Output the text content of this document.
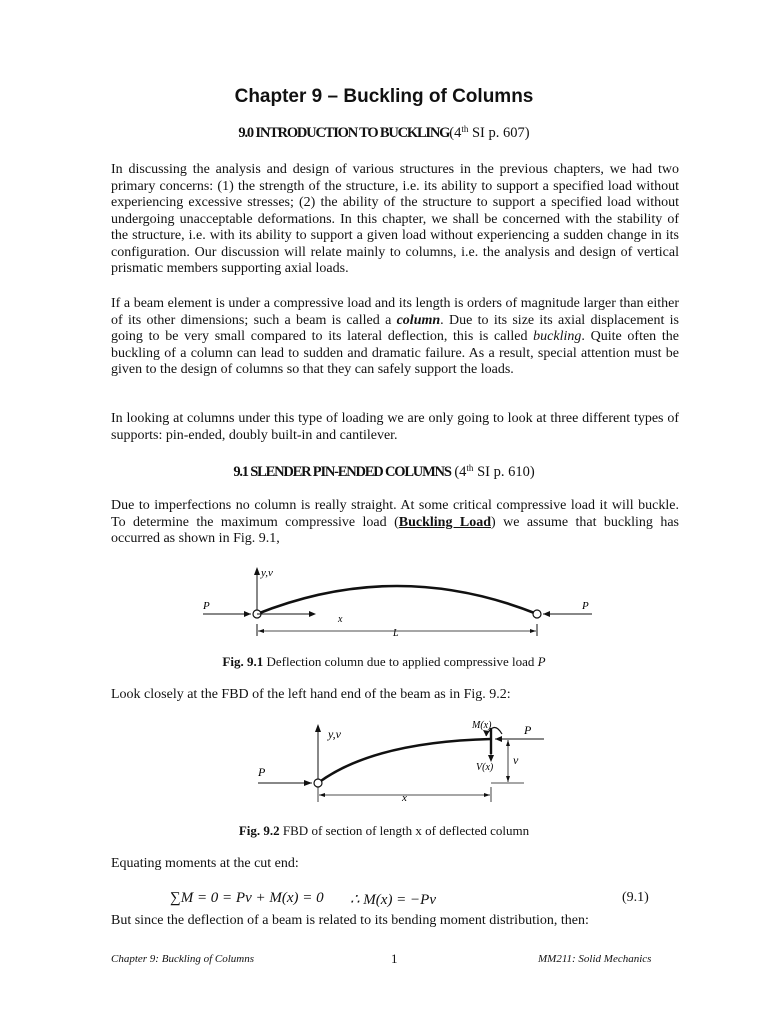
Chapter 9 – Buckling of Columns
9.0 INTRODUCTION TO BUCKLING(4th SI p. 607)
In discussing the analysis and design of various structures in the previous chapters, we had two primary concerns: (1) the strength of the structure, i.e. its ability to support a specified load without experiencing excessive stresses; (2) the ability of the structure to support a specified load without undergoing unacceptable deformations. In this chapter, we shall be concerned with the stability of the structure, i.e. with its ability to support a given load without experiencing a sudden change in its configuration. Our discussion will relate mainly to columns, i.e. the analysis and design of vertical prismatic members supporting axial loads.
If a beam element is under a compressive load and its length is orders of magnitude larger than either of its other dimensions; such a beam is called a column. Due to its size its axial displacement is going to be very small compared to its lateral deflection, this is called buckling. Quite often the buckling of a column can lead to sudden and dramatic failure. As a result, special attention must be given to the design of columns so that they can safely support the loads.
In looking at columns under this type of loading we are only going to look at three different types of supports: pin-ended, doubly built-in and cantilever.
9.1 SLENDER PIN-ENDED COLUMNS (4th SI p. 610)
Due to imperfections no column is really straight. At some critical compressive load it will buckle. To determine the maximum compressive load (Buckling Load) we assume that buckling has occurred as shown in Fig. 9.1,
y,v
P	P
x
L
Fig. 9.1 Deflection column due to applied compressive load P
Look closely at the FBD of the left hand end of the beam as in Fig. 9.2:
y,v
P
M(x)
V(x)
P
v
x
Fig. 9.2 FBD of section of length x of deflected column
Equating moments at the cut end:
∑M = 0 = Pv + M(x) = 0 ∴ M(x) = −Pv	(9.1)
But since the deflection of a beam is related to its bending moment distribution, then:
Chapter 9: Buckling of Columns	1	MM211: Solid Mechanics
